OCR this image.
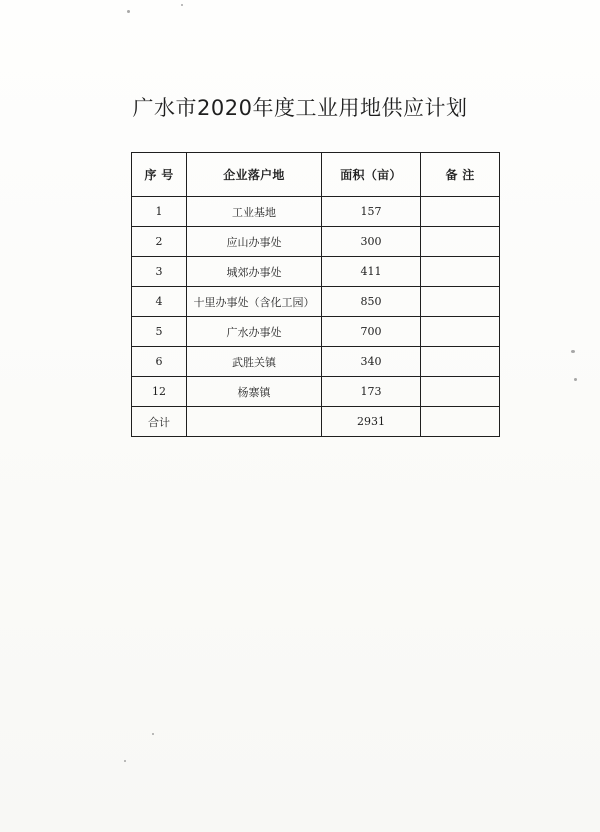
广水市2020年度工业用地供应计划
序 号	企业落户地	面积（亩）	备 注
1	工业基地	157	
2	应山办事处	300	
3	城郊办事处	411	
4	十里办事处（含化工园）	850	
5	广水办事处	700	
6	武胜关镇	340	
12	杨寨镇	173	
合计		2931	
